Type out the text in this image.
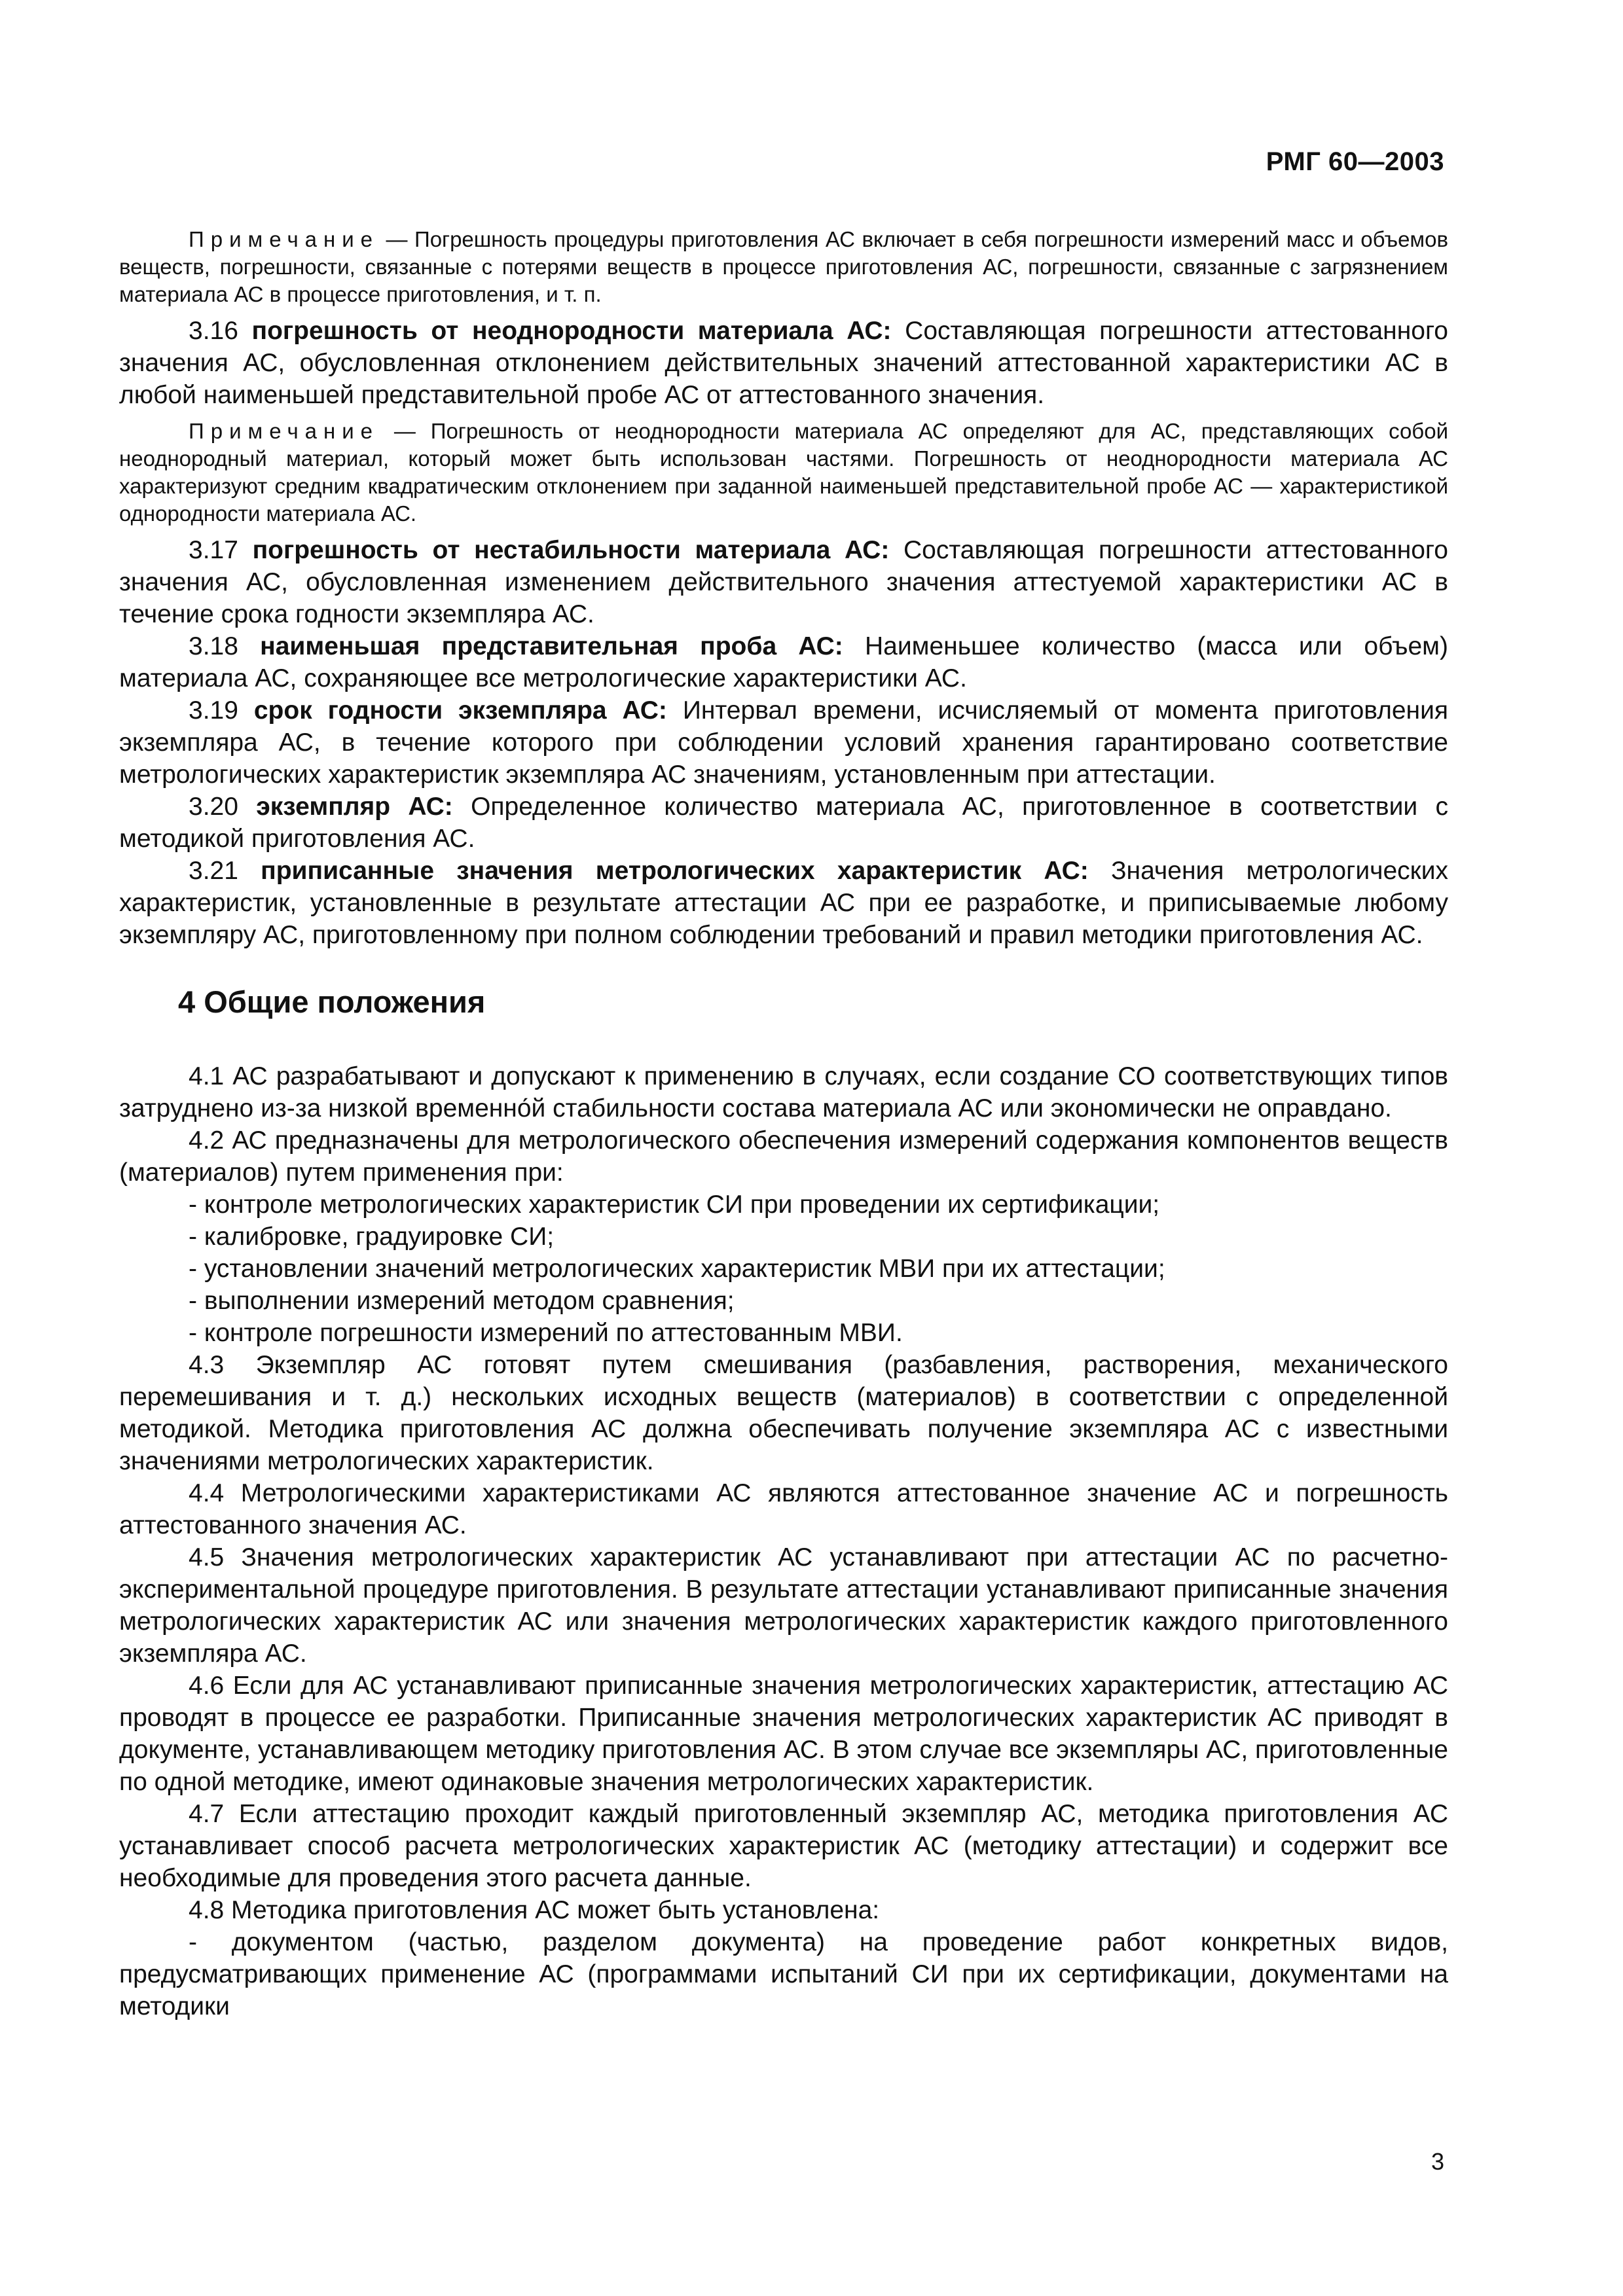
РМГ 60—2003

Примечание — Погрешность процедуры приготовления АС включает в себя погрешности измерений масс и объемов веществ, погрешности, связанные с потерями веществ в процессе приготовления АС, погрешности, связанные с загрязнением материала АС в процессе приготовления, и т. п.

3.16 погрешность от неоднородности материала АС: Составляющая погрешности аттестованного значения АС, обусловленная отклонением действительных значений аттестованной характеристики АС в любой наименьшей представительной пробе АС от аттестованного значения.

Примечание — Погрешность от неоднородности материала АС определяют для АС, представляющих собой неоднородный материал, который может быть использован частями. Погрешность от неоднородности материала АС характеризуют средним квадратическим отклонением при заданной наименьшей представительной пробе АС — характеристикой однородности материала АС.

3.17 погрешность от нестабильности материала АС: Составляющая погрешности аттестованного значения АС, обусловленная изменением действительного значения аттестуемой характеристики АС в течение срока годности экземпляра АС.

3.18 наименьшая представительная проба АС: Наименьшее количество (масса или объем) материала АС, сохраняющее все метрологические характеристики АС.

3.19 срок годности экземпляра АС: Интервал времени, исчисляемый от момента приготовления экземпляра АС, в течение которого при соблюдении условий хранения гарантировано соответствие метрологических характеристик экземпляра АС значениям, установленным при аттестации.

3.20 экземпляр АС: Определенное количество материала АС, приготовленное в соответствии с методикой приготовления АС.

3.21 приписанные значения метрологических характеристик АС: Значения метрологических характеристик, установленные в результате аттестации АС при ее разработке, и приписываемые любому экземпляру АС, приготовленному при полном соблюдении требований и правил методики приготовления АС.

4 Общие положения

4.1 АС разрабатывают и допускают к применению в случаях, если создание СО соответствующих типов затруднено из-за низкой временно́й стабильности состава материала АС или экономически не оправдано.

4.2 АС предназначены для метрологического обеспечения измерений содержания компонентов веществ (материалов) путем применения при:

- контроле метрологических характеристик СИ при проведении их сертификации;
- калибровке, градуировке СИ;
- установлении значений метрологических характеристик МВИ при их аттестации;
- выполнении измерений методом сравнения;
- контроле погрешности измерений по аттестованным МВИ.

4.3 Экземпляр АС готовят путем смешивания (разбавления, растворения, механического перемешивания и т. д.) нескольких исходных веществ (материалов) в соответствии с определенной методикой. Методика приготовления АС должна обеспечивать получение экземпляра АС с известными значениями метрологических характеристик.

4.4 Метрологическими характеристиками АС являются аттестованное значение АС и погрешность аттестованного значения АС.

4.5 Значения метрологических характеристик АС устанавливают при аттестации АС по расчетно-экспериментальной процедуре приготовления. В результате аттестации устанавливают приписанные значения метрологических характеристик АС или значения метрологических характеристик каждого приготовленного экземпляра АС.

4.6 Если для АС устанавливают приписанные значения метрологических характеристик, аттестацию АС проводят в процессе ее разработки. Приписанные значения метрологических характеристик АС приводят в документе, устанавливающем методику приготовления АС. В этом случае все экземпляры АС, приготовленные по одной методике, имеют одинаковые значения метрологических характеристик.

4.7 Если аттестацию проходит каждый приготовленный экземпляр АС, методика приготовления АС устанавливает способ расчета метрологических характеристик АС (методику аттестации) и содержит все необходимые для проведения этого расчета данные.

4.8 Методика приготовления АС может быть установлена:

- документом (частью, разделом документа) на проведение работ конкретных видов, предусматривающих применение АС (программами испытаний СИ при их сертификации, документами на методики

3
